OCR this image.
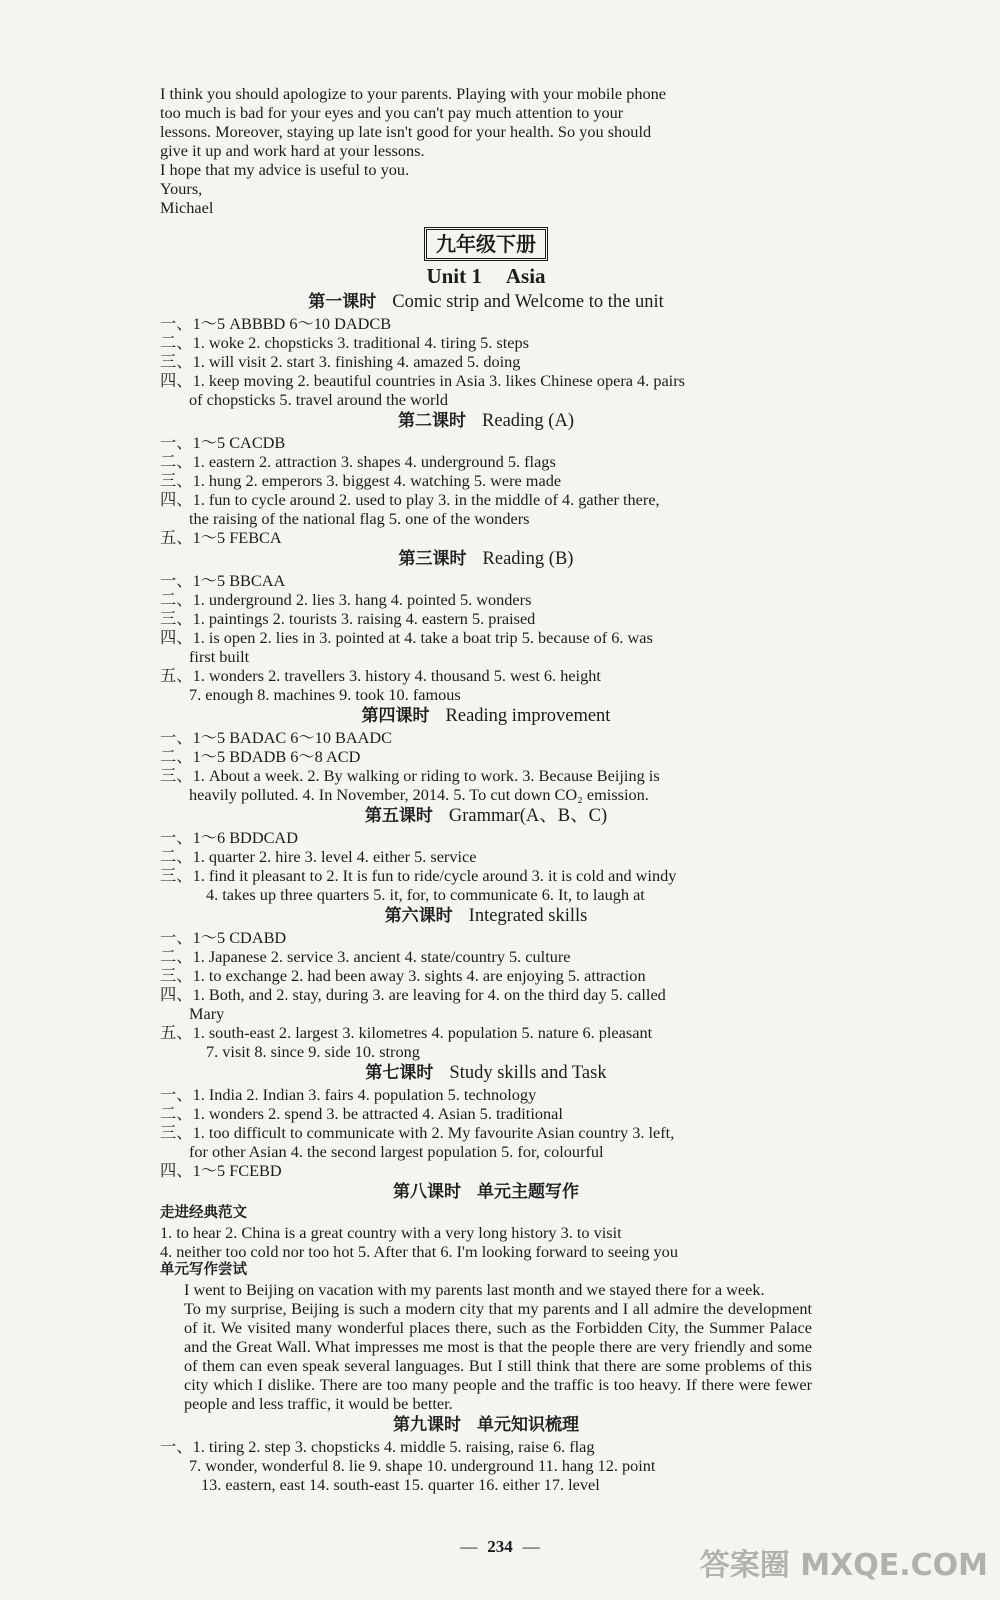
I think you should apologize to your parents. Playing with your mobile phone
too much is bad for your eyes and you can't pay much attention to your
lessons. Moreover, staying up late isn't good for your health. So you should
give it up and work hard at your lessons.
I hope that my advice is useful to you.
Yours,
Michael
九年级下册
Unit 1 Asia
第一课时 Comic strip and Welcome to the unit
一、1～5 ABBBD 6～10 DADCB
二、1. woke 2. chopsticks 3. traditional 4. tiring 5. steps
三、1. will visit 2. start 3. finishing 4. amazed 5. doing
四、1. keep moving 2. beautiful countries in Asia 3. likes Chinese opera 4. pairs
of chopsticks 5. travel around the world
第二课时 Reading (A)
一、1～5 CACDB
二、1. eastern 2. attraction 3. shapes 4. underground 5. flags
三、1. hung 2. emperors 3. biggest 4. watching 5. were made
四、1. fun to cycle around 2. used to play 3. in the middle of 4. gather there,
the raising of the national flag 5. one of the wonders
五、1～5 FEBCA
第三课时 Reading (B)
一、1～5 BBCAA
二、1. underground 2. lies 3. hang 4. pointed 5. wonders
三、1. paintings 2. tourists 3. raising 4. eastern 5. praised
四、1. is open 2. lies in 3. pointed at 4. take a boat trip 5. because of 6. was
first built
五、1. wonders 2. travellers 3. history 4. thousand 5. west 6. height
7. enough 8. machines 9. took 10. famous
第四课时 Reading improvement
一、1～5 BADAC 6～10 BAADC
二、1～5 BDADB 6～8 ACD
三、1. About a week. 2. By walking or riding to work. 3. Because Beijing is
heavily polluted. 4. In November, 2014. 5. To cut down CO₂ emission.
第五课时 Grammar(A、B、C)
一、1～6 BDDCAD
二、1. quarter 2. hire 3. level 4. either 5. service
三、1. find it pleasant to 2. It is fun to ride/cycle around 3. it is cold and windy
4. takes up three quarters 5. it, for, to communicate 6. It, to laugh at
第六课时 Integrated skills
一、1～5 CDABD
二、1. Japanese 2. service 3. ancient 4. state/country 5. culture
三、1. to exchange 2. had been away 3. sights 4. are enjoying 5. attraction
四、1. Both, and 2. stay, during 3. are leaving for 4. on the third day 5. called
Mary
五、1. south-east 2. largest 3. kilometres 4. population 5. nature 6. pleasant
7. visit 8. since 9. side 10. strong
第七课时 Study skills and Task
一、1. India 2. Indian 3. fairs 4. population 5. technology
二、1. wonders 2. spend 3. be attracted 4. Asian 5. traditional
三、1. too difficult to communicate with 2. My favourite Asian country 3. left,
for other Asian 4. the second largest population 5. for, colourful
四、1～5 FCEBD
第八课时 单元主题写作
走进经典范文
1. to hear 2. China is a great country with a very long history 3. to visit
4. neither too cold nor too hot 5. After that 6. I'm looking forward to seeing you
单元写作尝试
I went to Beijing on vacation with my parents last month and we stayed there for a week.
To my surprise, Beijing is such a modern city that my parents and I all admire the development of it. We visited many wonderful places there, such as the Forbidden City, the Summer Palace and the Great Wall. What impresses me most is that the people there are very friendly and some of them can even speak several languages. But I still think that there are some problems of this city which I dislike. There are too many people and the traffic is too heavy. If there were fewer people and less traffic, it would be better.
第九课时 单元知识梳理
一、1. tiring 2. step 3. chopsticks 4. middle 5. raising, raise 6. flag
7. wonder, wonderful 8. lie 9. shape 10. underground 11. hang 12. point
13. eastern, east 14. south-east 15. quarter 16. either 17. level
— 234 —
答案圈 MXQE.COM
